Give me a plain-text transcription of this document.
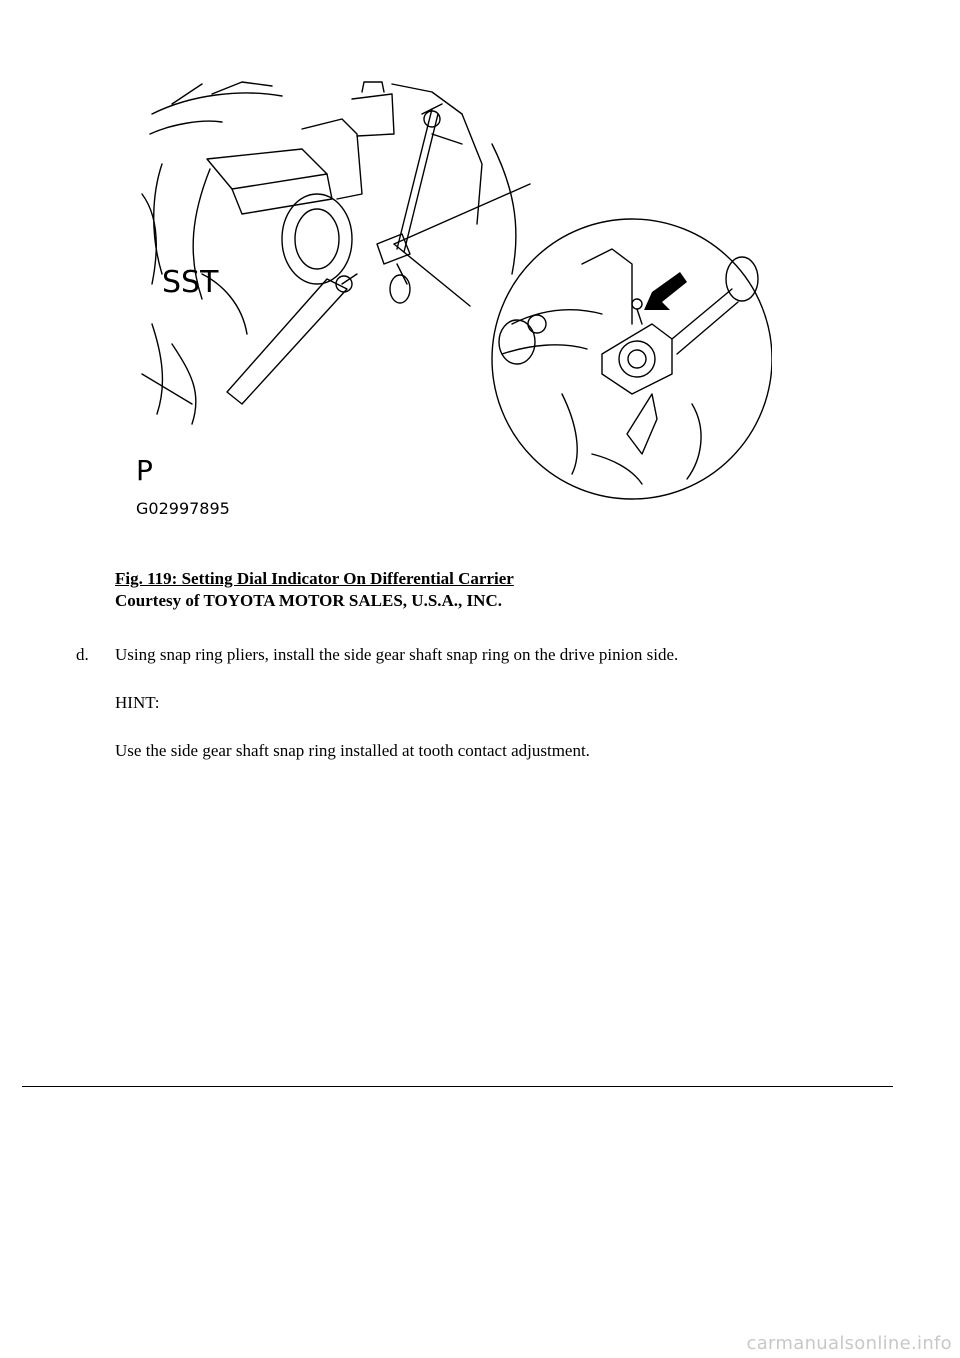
SST
P
G02997895
Fig. 119: Setting Dial Indicator On Differential Carrier
Courtesy of TOYOTA MOTOR SALES, U.S.A., INC.
d. Using snap ring pliers, install the side gear shaft snap ring on the drive pinion side.
HINT:
Use the side gear shaft snap ring installed at tooth contact adjustment.
carmanualsonline.info
